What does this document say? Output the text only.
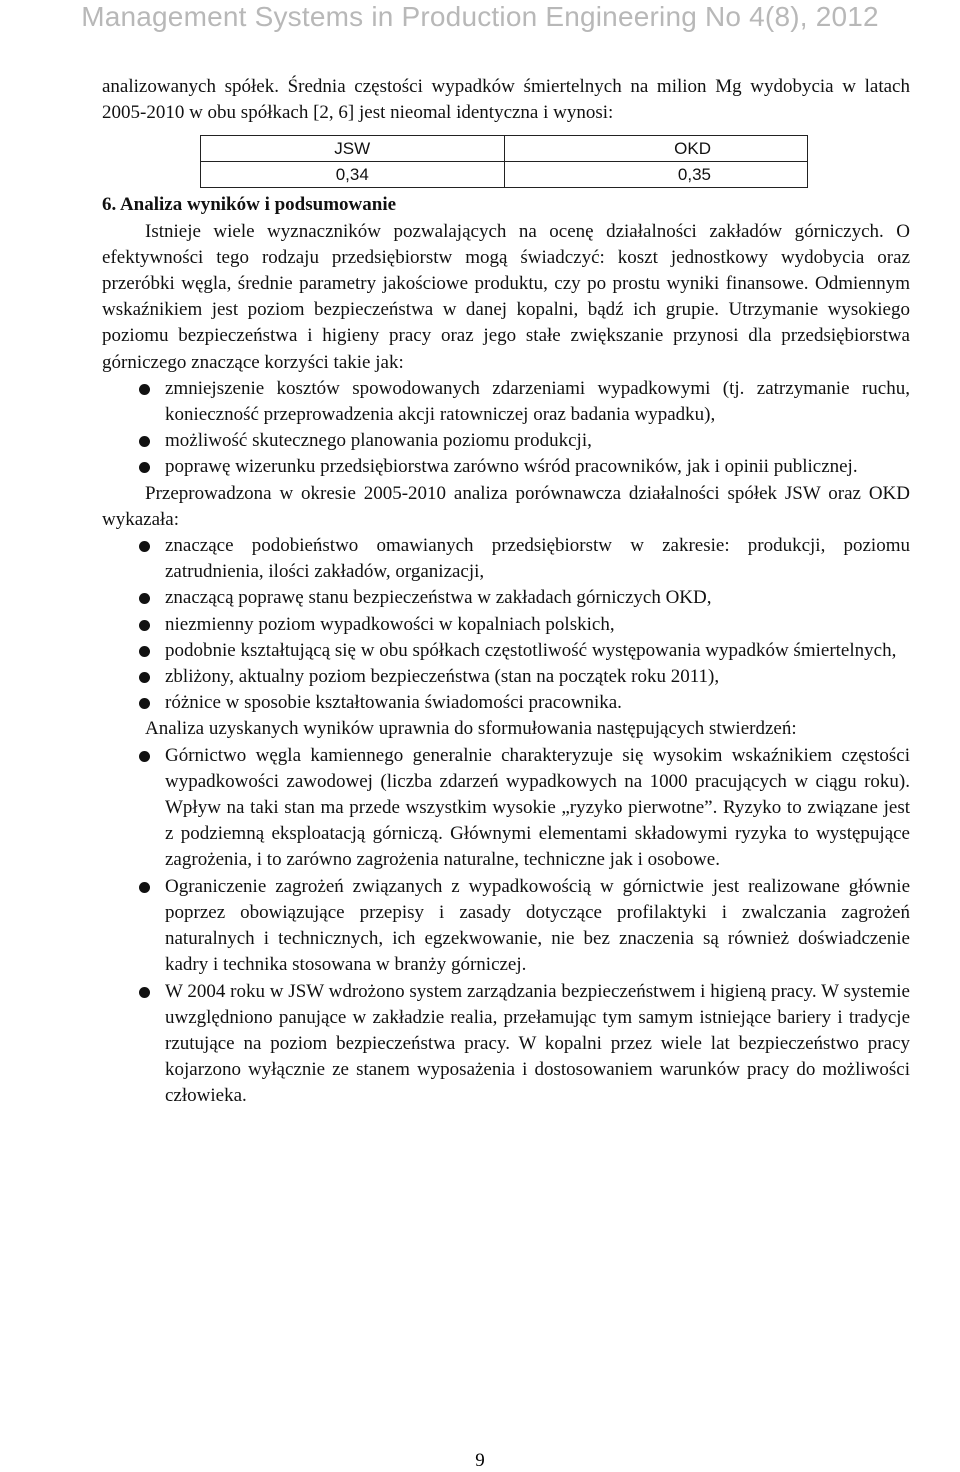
Management Systems in Production Engineering No 4(8), 2012

analizowanych spółek. Średnia częstości wypadków śmiertelnych na milion Mg wydobycia w latach 2005-2010 w obu spółkach [2, 6] jest nieomal identyczna i wynosi:

JSW	OKD
0,34	0,35
6. Analiza wyników i podsumowanie

Istnieje wiele wyznaczników pozwalających na ocenę działalności zakładów górniczych. O efektywności tego rodzaju przedsiębiorstw mogą świadczyć: koszt jednostkowy wydobycia oraz przeróbki węgla, średnie parametry jakościowe produktu, czy po prostu wyniki finansowe. Odmiennym wskaźnikiem jest poziom bezpieczeństwa w danej kopalni, bądź ich grupie. Utrzymanie wysokiego poziomu bezpieczeństwa i higieny pracy oraz jego stałe zwiększanie przynosi dla przedsiębiorstwa górniczego znaczące korzyści takie jak:

zmniejszenie kosztów spowodowanych zdarzeniami wypadkowymi (tj. zatrzymanie ruchu, konieczność przeprowadzenia akcji ratowniczej oraz badania wypadku),
możliwość skutecznego planowania poziomu produkcji,
poprawę wizerunku przedsiębiorstwa zarówno wśród pracowników, jak i opinii publicznej.

Przeprowadzona w okresie 2005-2010 analiza porównawcza działalności spółek JSW oraz OKD wykazała:

znaczące podobieństwo omawianych przedsiębiorstw w zakresie: produkcji, poziomu zatrudnienia, ilości zakładów, organizacji,
znaczącą poprawę stanu bezpieczeństwa w zakładach górniczych OKD,
niezmienny poziom wypadkowości w kopalniach polskich,
podobnie kształtującą się w obu spółkach częstotliwość występowania wypadków śmiertelnych,
zbliżony, aktualny poziom bezpieczeństwa (stan na początek roku 2011),
różnice w sposobie kształtowania świadomości pracownika.

Analiza uzyskanych wyników uprawnia do sformułowania następujących stwierdzeń:

Górnictwo węgla kamiennego generalnie charakteryzuje się wysokim wskaźnikiem częstości wypadkowości zawodowej (liczba zdarzeń wypadkowych na 1000 pracujących w ciągu roku). Wpływ na taki stan ma przede wszystkim wysokie „ryzyko pierwotne”. Ryzyko to związane jest z podziemną eksploatacją górniczą. Głównymi elementami składowymi ryzyka to występujące zagrożenia, i to zarówno zagrożenia naturalne, techniczne jak i osobowe.
Ograniczenie zagrożeń związanych z wypadkowością w górnictwie jest realizowane głównie poprzez obowiązujące przepisy i zasady dotyczące profilaktyki i zwalczania zagrożeń naturalnych i technicznych, ich egzekwowanie, nie bez znaczenia są również doświadczenie kadry i technika stosowana w branży górniczej.
W 2004 roku w JSW wdrożono system zarządzania bezpieczeństwem i higieną pracy. W systemie uwzględniono panujące w zakładzie realia, przełamując tym samym istniejące bariery i tradycje rzutujące na poziom bezpieczeństwa pracy. W kopalni przez wiele lat bezpieczeństwo pracy kojarzono wyłącznie ze stanem wyposażenia i dostosowaniem warunków pracy do możliwości człowieka.
9
